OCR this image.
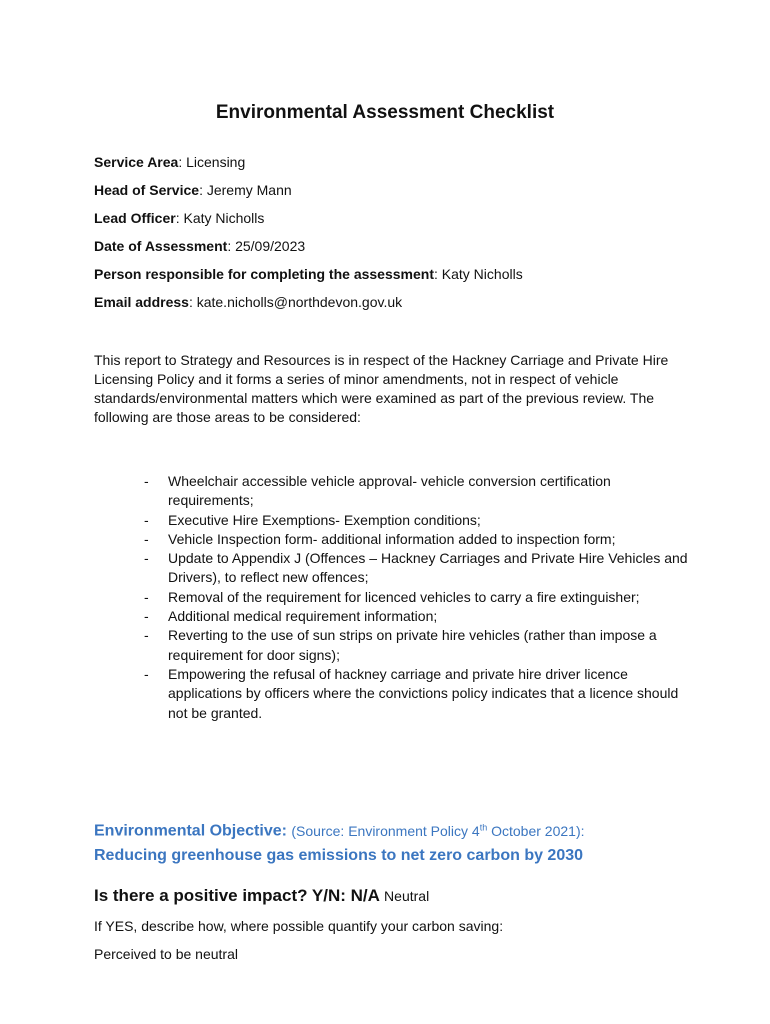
Environmental Assessment Checklist
Service Area: Licensing
Head of Service: Jeremy Mann
Lead Officer: Katy Nicholls
Date of Assessment: 25/09/2023
Person responsible for completing the assessment: Katy Nicholls
Email address: kate.nicholls@northdevon.gov.uk

This report to Strategy and Resources is in respect of the Hackney Carriage and Private Hire Licensing Policy and it forms a series of minor amendments, not in respect of vehicle standards/environmental matters which were examined as part of the previous review. The following are those areas to be considered:

- Wheelchair accessible vehicle approval- vehicle conversion certification requirements;
- Executive Hire Exemptions- Exemption conditions;
- Vehicle Inspection form- additional information added to inspection form;
- Update to Appendix J (Offences – Hackney Carriages and Private Hire Vehicles and Drivers), to reflect new offences;
- Removal of the requirement for licenced vehicles to carry a fire extinguisher;
- Additional medical requirement information;
- Reverting to the use of sun strips on private hire vehicles (rather than impose a requirement for door signs);
- Empowering the refusal of hackney carriage and private hire driver licence applications by officers where the convictions policy indicates that a licence should not be granted.
Environmental Objective: (Source: Environment Policy 4th October 2021):
Reducing greenhouse gas emissions to net zero carbon by 2030
Is there a positive impact? Y/N: N/A Neutral
If YES, describe how, where possible quantify your carbon saving:
Perceived to be neutral
